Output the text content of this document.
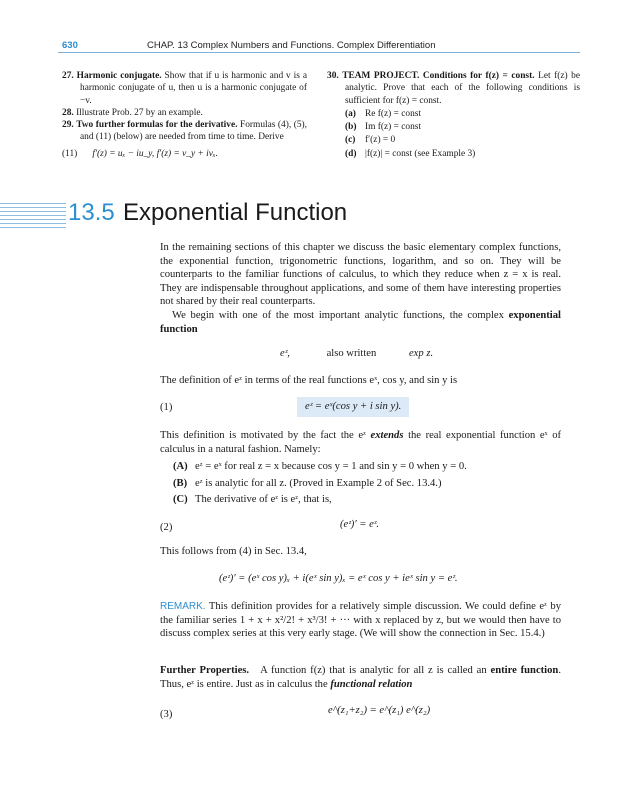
630	CHAP. 13 Complex Numbers and Functions. Complex Differentiation
27. Harmonic conjugate. Show that if u is harmonic and v is a harmonic conjugate of u, then u is a harmonic conjugate of −v.
28. Illustrate Prob. 27 by an example.
29. Two further formulas for the derivative. Formulas (4), (5), and (11) (below) are needed from time to time. Derive
(11) f′(z) = uₓ − iu_y, f′(z) = v_y + ivₓ.
30. TEAM PROJECT. Conditions for f(z) = const. Let f(z) be analytic. Prove that each of the following conditions is sufficient for f(z) = const.
(a) Re f(z) = const
(b) Im f(z) = const
(c) f′(z) = 0
(d) |f(z)| = const (see Example 3)
13.5 Exponential Function

In the remaining sections of this chapter we discuss the basic elementary complex functions, the exponential function, trigonometric functions, logarithm, and so on. They will be counterparts to the familiar functions of calculus, to which they reduce when z = x is real. They are indispensable throughout applications, and some of them have interesting properties not shared by their real counterparts.

We begin with one of the most important analytic functions, the complex exponential function

eᶻ,	also written	exp z.
The definition of eᶻ in terms of the real functions eˣ, cos y, and sin y is
(1)	eᶻ = eˣ(cos y + i sin y).
This definition is motivated by the fact the eᶻ extends the real exponential function eˣ of calculus in a natural fashion. Namely:
(A) eᶻ = eˣ for real z = x because cos y = 1 and sin y = 0 when y = 0.
(B) eᶻ is analytic for all z. (Proved in Example 2 of Sec. 13.4.)
(C) The derivative of eᶻ is eᶻ, that is,
(2)	(eᶻ)′ = eᶻ.
This follows from (4) in Sec. 13.4,
(eᶻ)′ = (eˣ cos y)ₓ + i(eˣ sin y)ₓ = eˣ cos y + ieˣ sin y = eᶻ.
REMARK. This definition provides for a relatively simple discussion. We could define eᶻ by the familiar series 1 + x + x²/2! + x³/3! + ··· with x replaced by z, but we would then have to discuss complex series at this very early stage. (We will show the connection in Sec. 15.4.)
Further Properties. A function f(z) that is analytic for all z is called an entire function. Thus, eᶻ is entire. Just as in calculus the functional relation
(3)	e^(z₁+z₂) = e^(z₁) e^(z₂)
